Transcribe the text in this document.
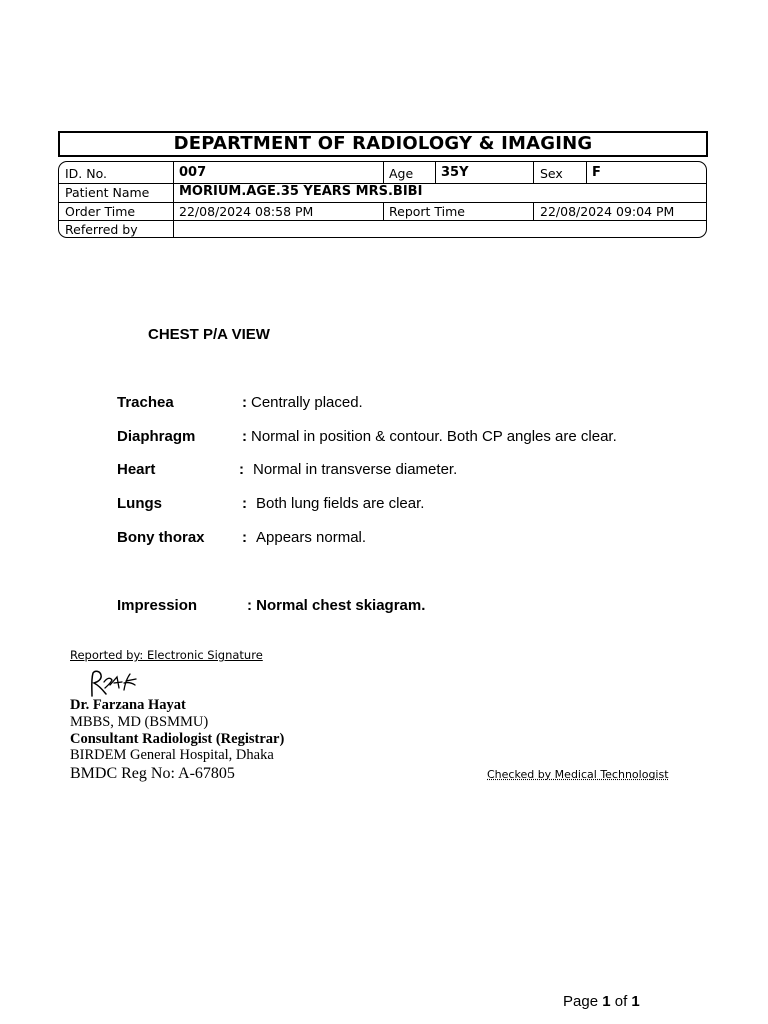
DEPARTMENT OF RADIOLOGY & IMAGING
ID. No.	007	Age 35Y	Sex F
Patient Name MORIUM.AGE.35 YEARS MRS.BIBI
Order Time	22/08/2024 08:58 PM	Report Time	22/08/2024 09:04 PM
Referred by
CHEST P/A VIEW
Trachea	: Centrally placed.
Diaphragm	: Normal in position & contour. Both CP angles are clear.
Heart	: Normal in transverse diameter.
Lungs	: Both lung fields are clear.
Bony thorax : Appears normal.
Impression	: Normal chest skiagram.
Reported by: Electronic Signature
Dr. Farzana Hayat
MBBS, MD (BSMMU)
Consultant Radiologist (Registrar)
BIRDEM General Hospital, Dhaka
BMDC Reg No: A-67805	Checked by Medical Technologist
Page 1 of 1
